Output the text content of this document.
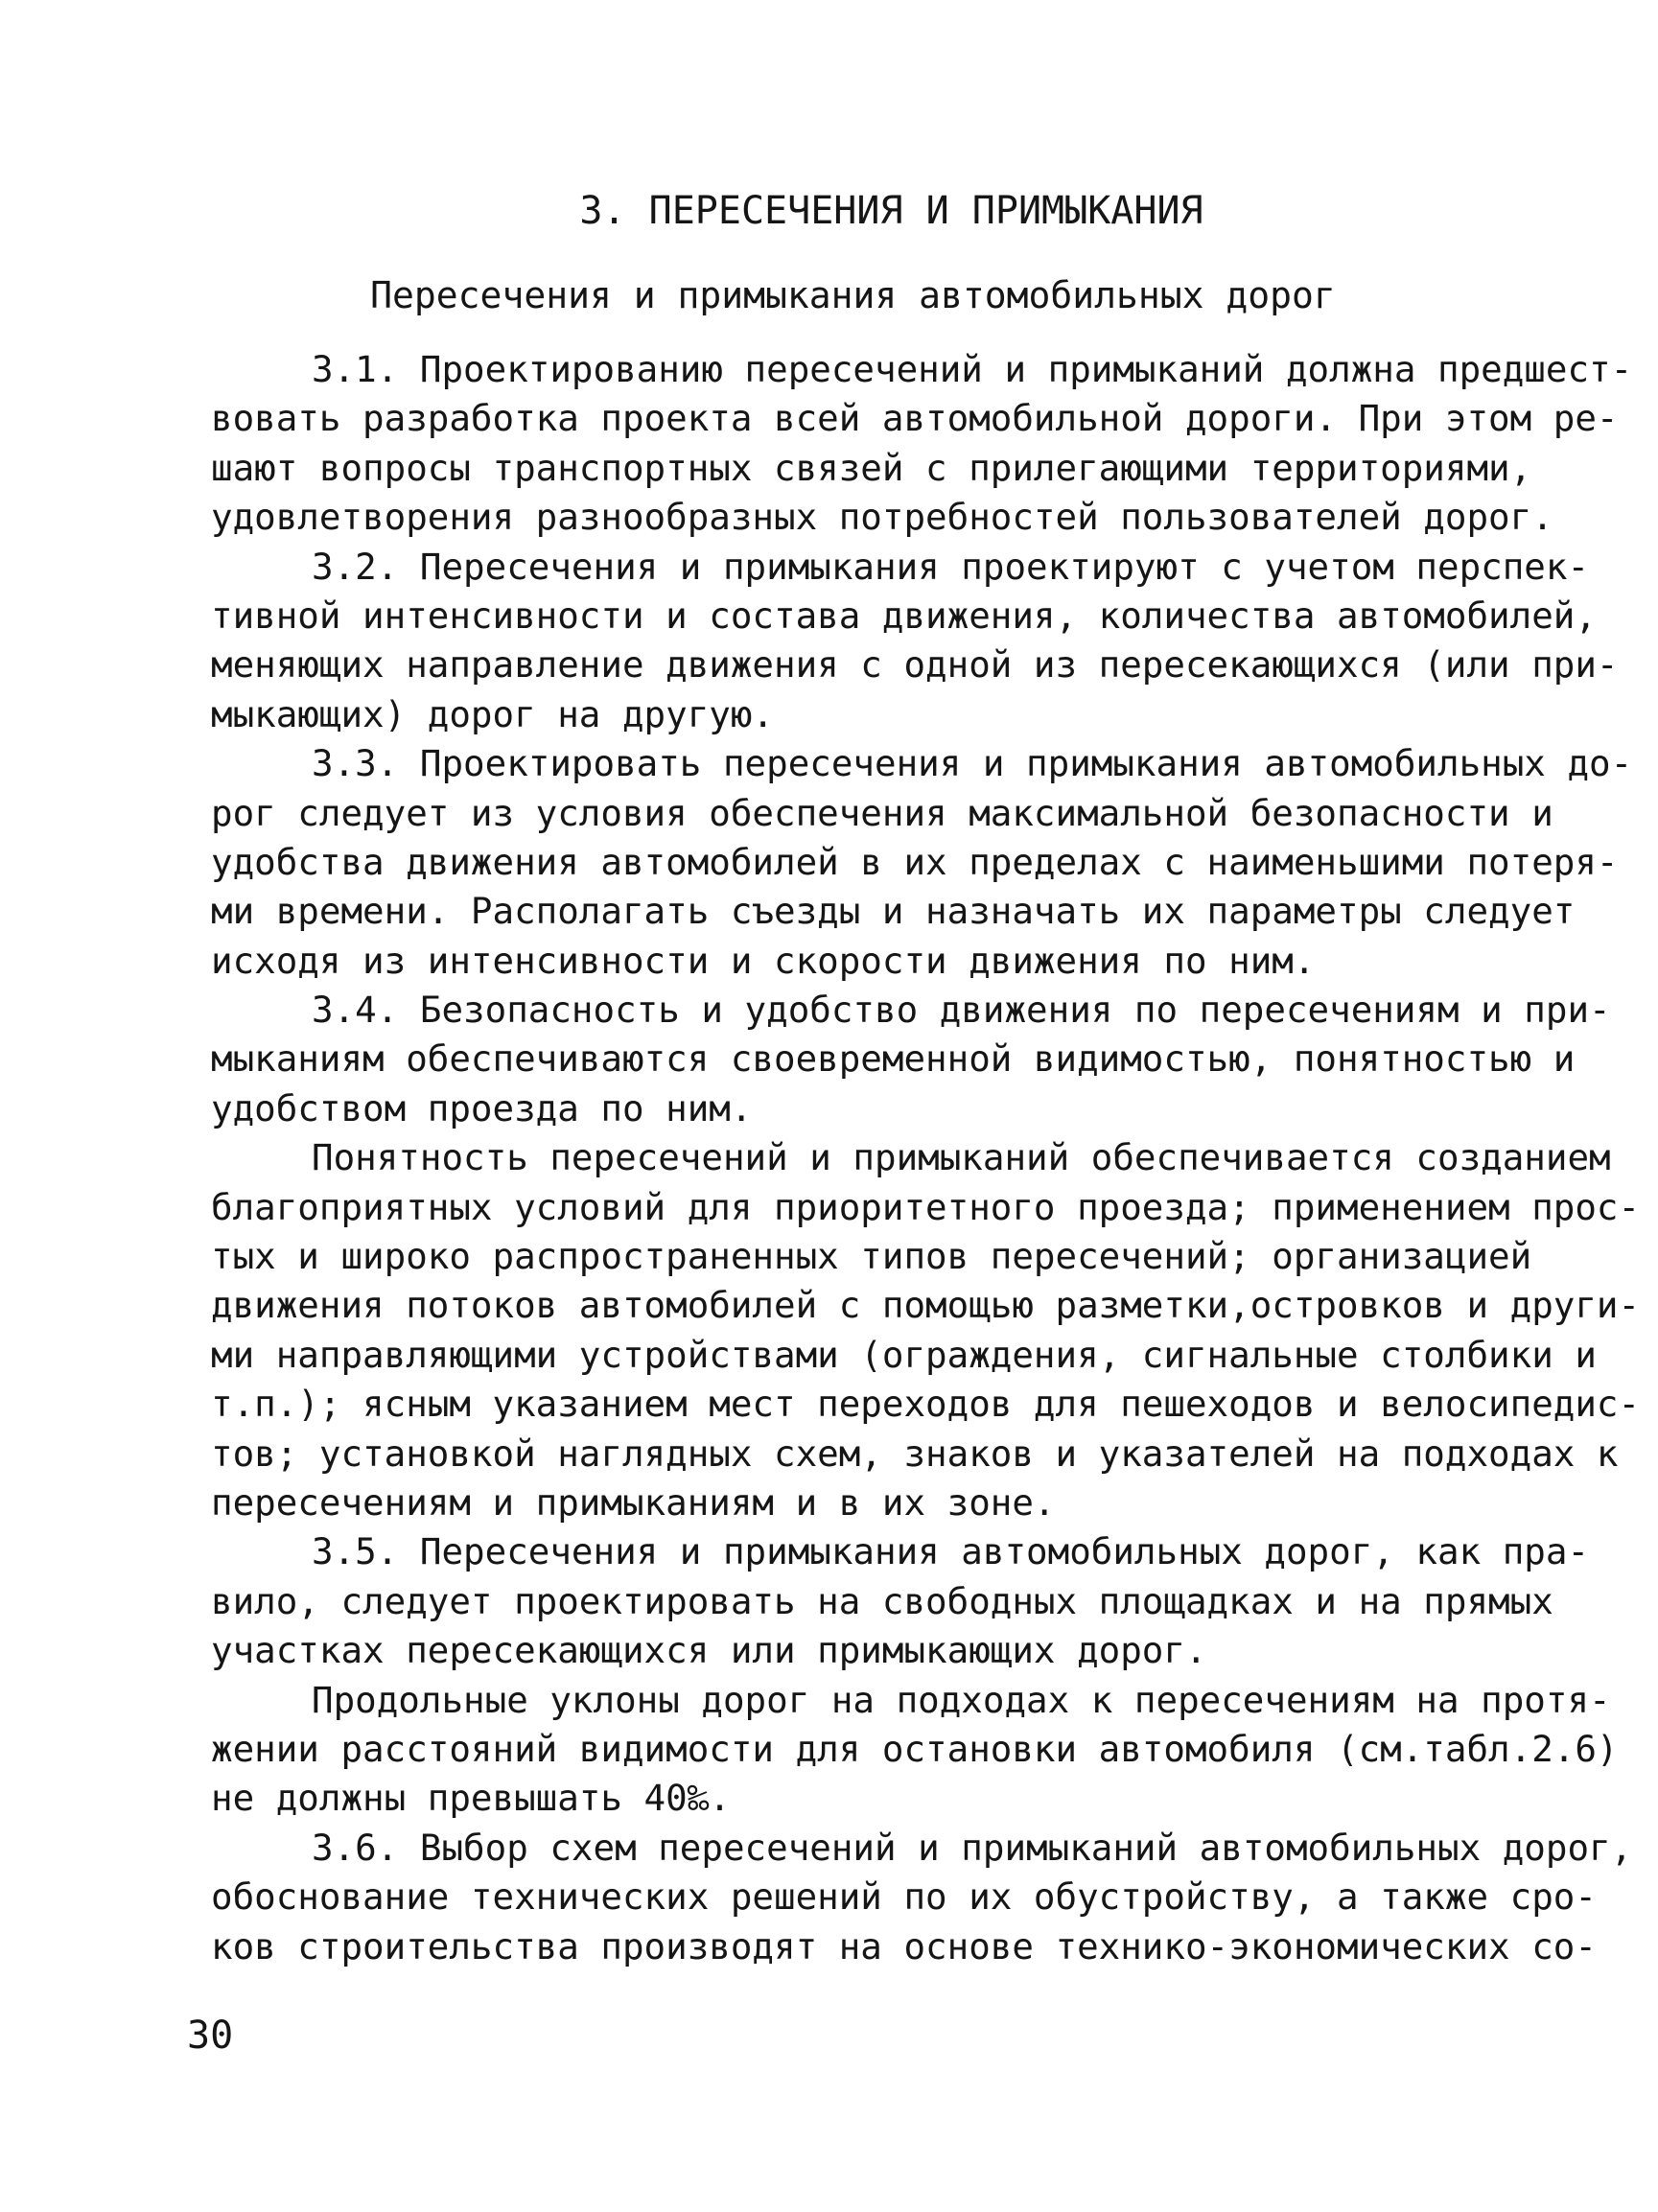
3. ПЕРЕСЕЧЕНИЯ И ПРИМЫКАНИЯ
Пересечения и примыкания автомобильных дорог
3.1. Проектированию пересечений и примыканий должна предшест-
вовать разработка проекта всей автомобильной дороги. При этом ре-
шают вопросы транспортных связей с прилегающими территориями,
удовлетворения разнообразных потребностей пользователей дорог.
3.2. Пересечения и примыкания проектируют с учетом перспек-
тивной интенсивности и состава движения, количества автомобилей,
меняющих направление движения с одной из пересекающихся (или при-
мыкающих) дорог на другую.
3.3. Проектировать пересечения и примыкания автомобильных до-
рог следует из условия обеспечения максимальной безопасности и
удобства движения автомобилей в их пределах с наименьшими потеря-
ми времени. Располагать съезды и назначать их параметры следует
исходя из интенсивности и скорости движения по ним.
3.4. Безопасность и удобство движения по пересечениям и при-
мыканиям обеспечиваются своевременной видимостью, понятностью и
удобством проезда по ним.
Понятность пересечений и примыканий обеспечивается созданием
благоприятных условий для приоритетного проезда; применением прос-
тых и широко распространенных типов пересечений; организацией
движения потоков автомобилей с помощью разметки,островков и други-
ми направляющими устройствами (ограждения, сигнальные столбики и
т.п.); ясным указанием мест переходов для пешеходов и велосипедис-
тов; установкой наглядных схем, знаков и указателей на подходах к
пересечениям и примыканиям и в их зоне.
3.5. Пересечения и примыкания автомобильных дорог, как пра-
вило, следует проектировать на свободных площадках и на прямых
участках пересекающихся или примыкающих дорог.
Продольные уклоны дорог на подходах к пересечениям на протя-
жении расстояний видимости для остановки автомобиля (см.табл.2.6)
не должны превышать 40‰.
3.6. Выбор схем пересечений и примыканий автомобильных дорог,
обоснование технических решений по их обустройству, а также сро-
ков строительства производят на основе технико-экономических со-
30
